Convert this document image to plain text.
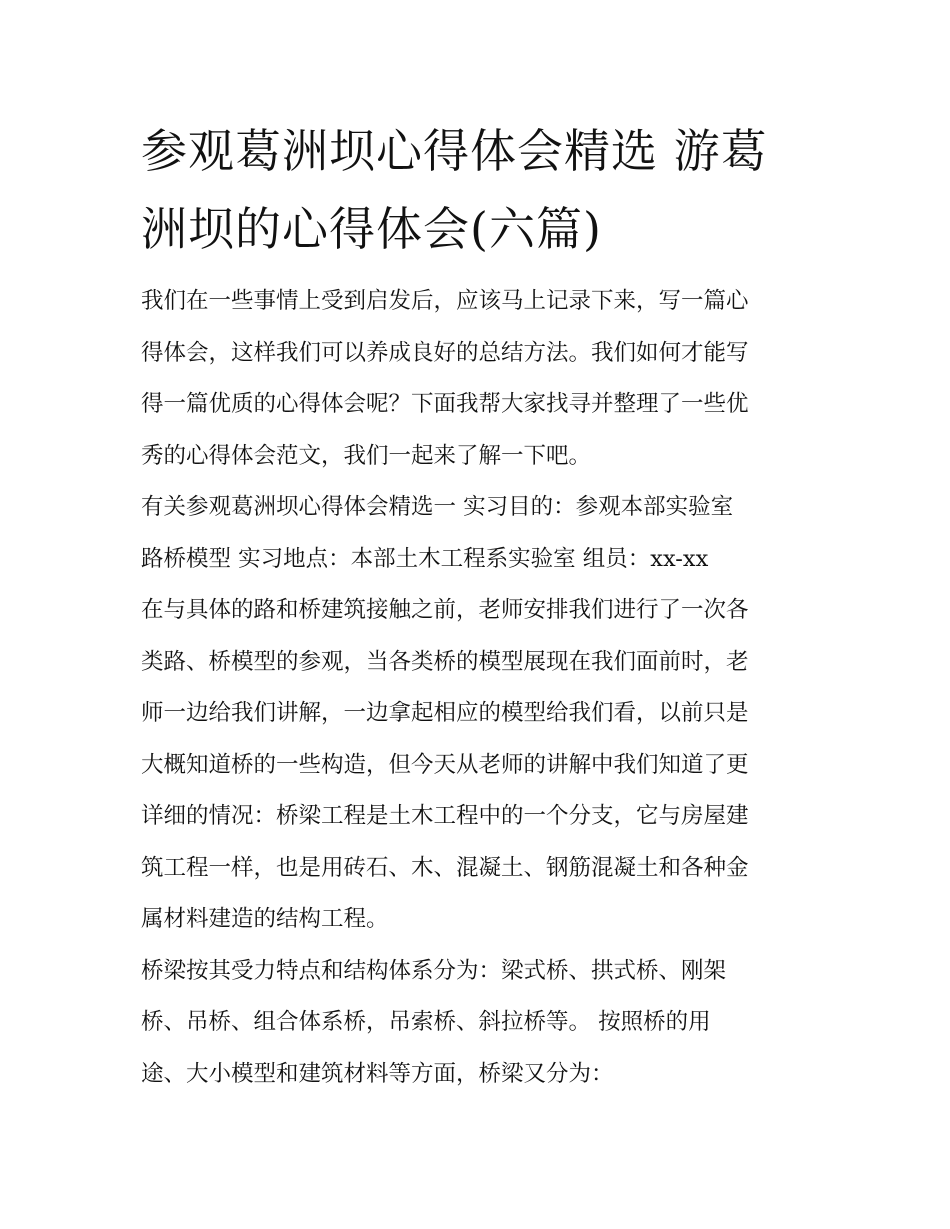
参观葛洲坝心得体会精选 游葛
洲坝的心得体会(六篇)

我们在一些事情上受到启发后，应该马上记录下来，写一篇心
得体会，这样我们可以养成良好的总结方法。我们如何才能写
得一篇优质的心得体会呢？下面我帮大家找寻并整理了一些优
秀的心得体会范文，我们一起来了解一下吧。

有关参观葛洲坝心得体会精选一 实习目的：参观本部实验室
路桥模型 实习地点：本部土木工程系实验室 组员：xx-xx

在与具体的路和桥建筑接触之前，老师安排我们进行了一次各
类路、桥模型的参观，当各类桥的模型展现在我们面前时，老
师一边给我们讲解，一边拿起相应的模型给我们看，以前只是
大概知道桥的一些构造，但今天从老师的讲解中我们知道了更
详细的情况：桥梁工程是土木工程中的一个分支，它与房屋建
筑工程一样，也是用砖石、木、混凝土、钢筋混凝土和各种金
属材料建造的结构工程。

桥梁按其受力特点和结构体系分为：梁式桥、拱式桥、刚架
桥、吊桥、组合体系桥，吊索桥、斜拉桥等。 按照桥的用
途、大小模型和建筑材料等方面，桥梁又分为：
